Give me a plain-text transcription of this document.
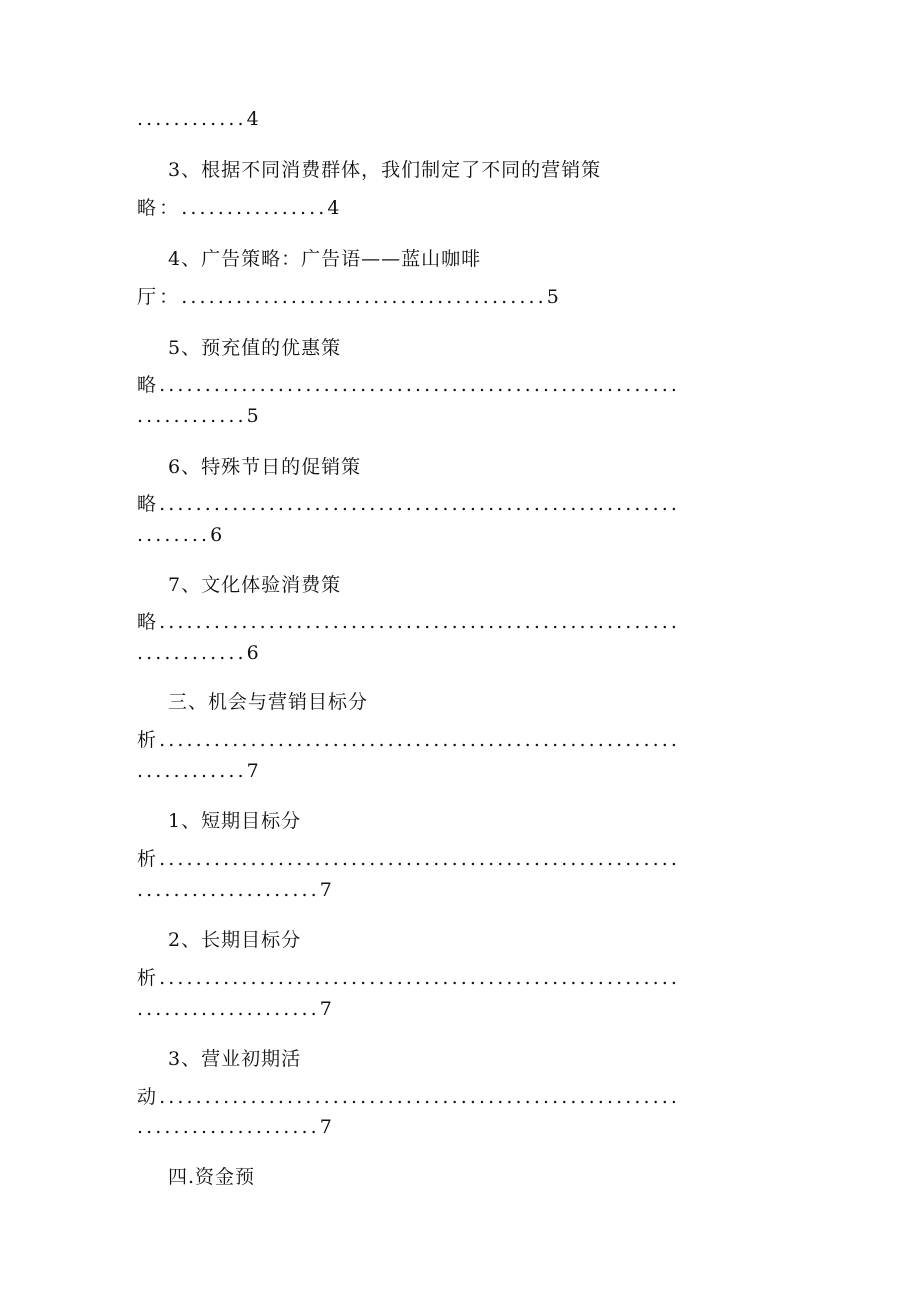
............4
3、根据不同消费群体，我们制定了不同的营销策
略：................4
4、广告策略：广告语——蓝山咖啡
厅：........................................5
5、预充值的优惠策
略.........................................................
............5
6、特殊节日的促销策
略.........................................................
........6
7、文化体验消费策
略.........................................................
............6
三、机会与营销目标分
析.........................................................
............7
1、短期目标分
析.........................................................
....................7
2、长期目标分
析.........................................................
....................7
3、营业初期活
动.........................................................
....................7
四.资金预
